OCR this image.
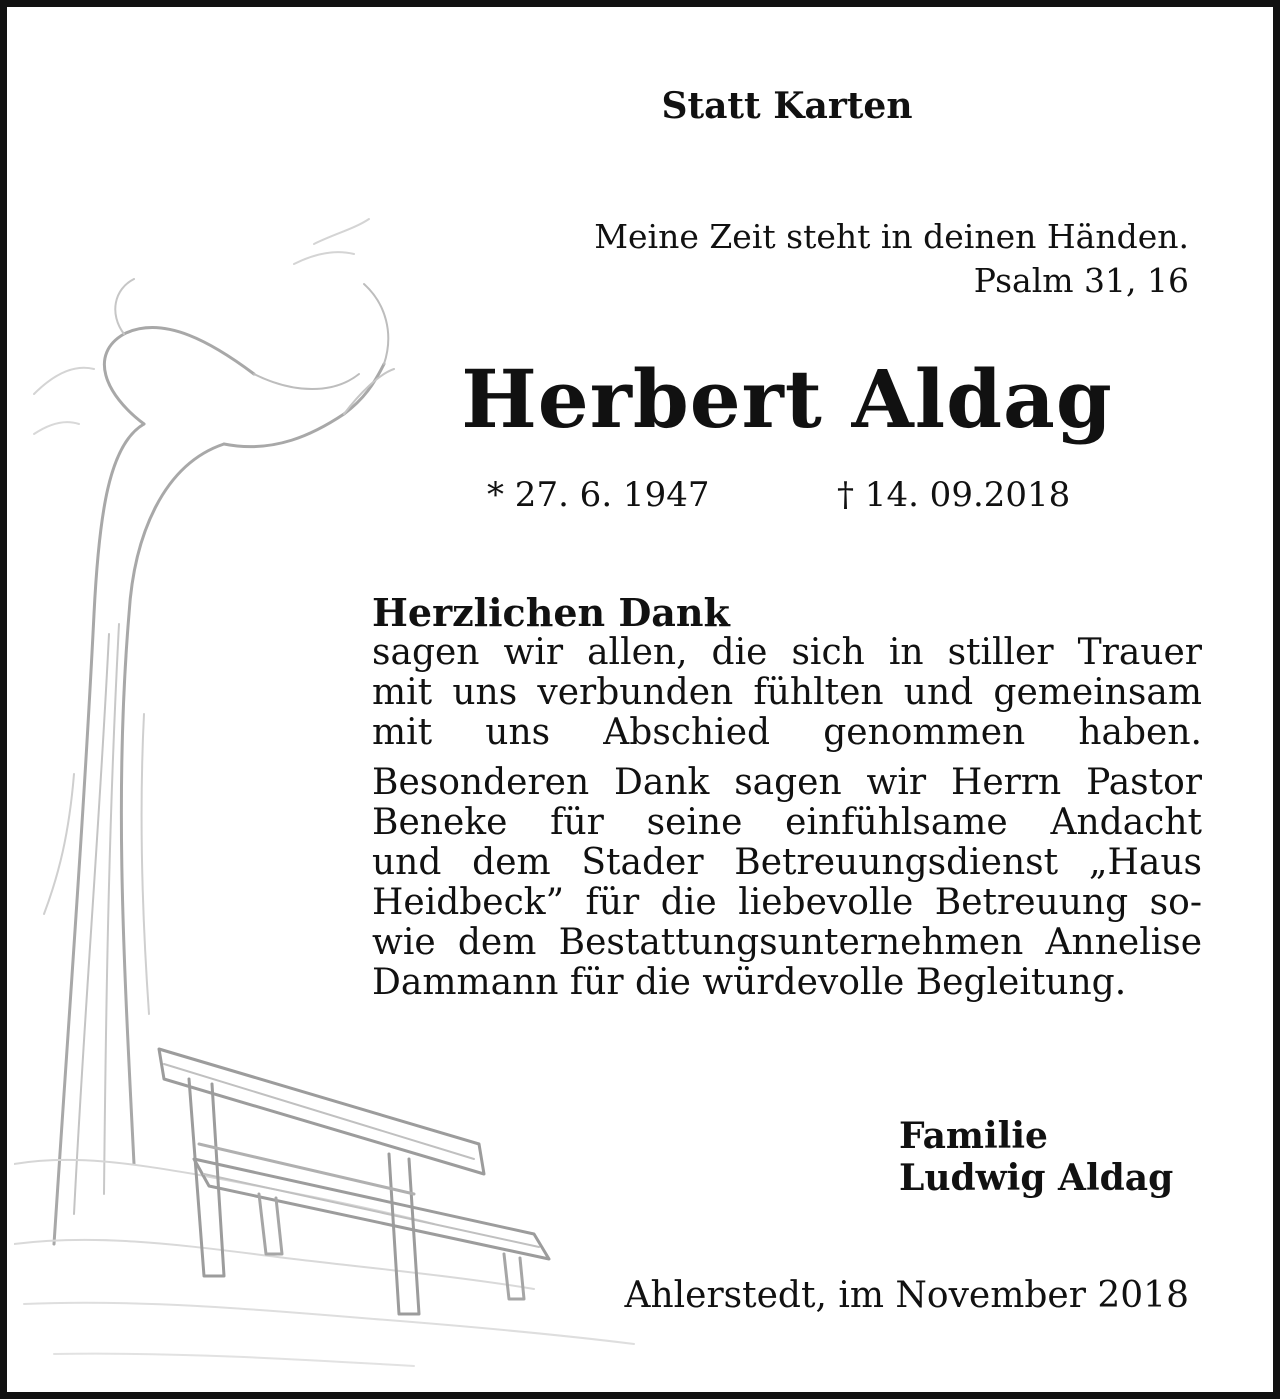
Statt Karten

Meine Zeit steht in deinen Händen.
Psalm 31, 16

Herbert Aldag

* 27. 6. 1947	† 14. 09.2018

Herzlichen Dank
sagen wir allen, die sich in stiller Trauer
mit uns verbunden fühlten und gemeinsam
mit uns Abschied genommen haben.
Besonderen Dank sagen wir Herrn Pastor
Beneke für seine einfühlsame Andacht
und dem Stader Betreuungsdienst „Haus
Heidbeck” für die liebevolle Betreuung so-
wie dem Bestattungsunternehmen Annelise
Dammann für die würdevolle Begleitung.
Familie
Ludwig Aldag

Ahlerstedt, im November 2018
